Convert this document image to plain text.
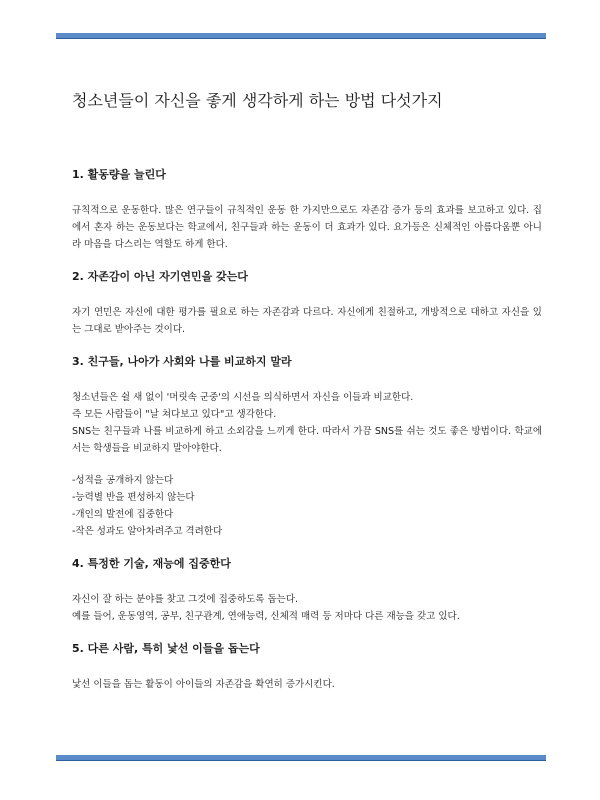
청소년들이 자신을 좋게 생각하게 하는 방법 다섯가지
1. 활동량을 늘린다

규칙적으로 운동한다. 많은 연구들이 규칙적인 운동 한 가지만으로도 자존감 증가 등의 효과를 보고하고 있다. 집에서 혼자 하는 운동보다는 학교에서, 친구들과 하는 운동이 더 효과가 있다. 요가등은 신체적인 아름다움뿐 아니라 마음을 다스리는 역할도 하게 한다.

2. 자존감이 아닌 자기연민을 갖는다

자기 연민은 자신에 대한 평가를 필요로 하는 자존감과 다르다. 자신에게 친절하고, 개방적으로 대하고 자신을 있는 그대로 받아주는 것이다.

3. 친구들, 나아가 사회와 나를 비교하지 말라

청소년들은 쉴 새 없이 '머릿속 군중'의 시선을 의식하면서 자신을 이들과 비교한다.

즉 모든 사람들이 "날 쳐다보고 있다"고 생각한다.

SNS는 친구들과 나를 비교하게 하고 소외감을 느끼게 한다. 따라서 가끔 SNS를 쉬는 것도 좋은 방법이다. 학교에서는 학생들을 비교하지 말아야한다.

-성적을 공개하지 않는다

-능력별 반을 편성하지 않는다

-개인의 발전에 집중한다

-작은 성과도 알아차려주고 격려한다

4. 특정한 기술, 재능에 집중한다

자신이 잘 하는 분야를 찾고 그것에 집중하도록 돕는다.

예를 들어, 운동영역, 공부, 친구관계, 연애능력, 신체적 매력 등 저마다 다른 재능을 갖고 있다.

5. 다른 사람, 특히 낯선 이들을 돕는다

낯선 이들을 돕는 활동이 아이들의 자존감을 확연히 증가시킨다.
